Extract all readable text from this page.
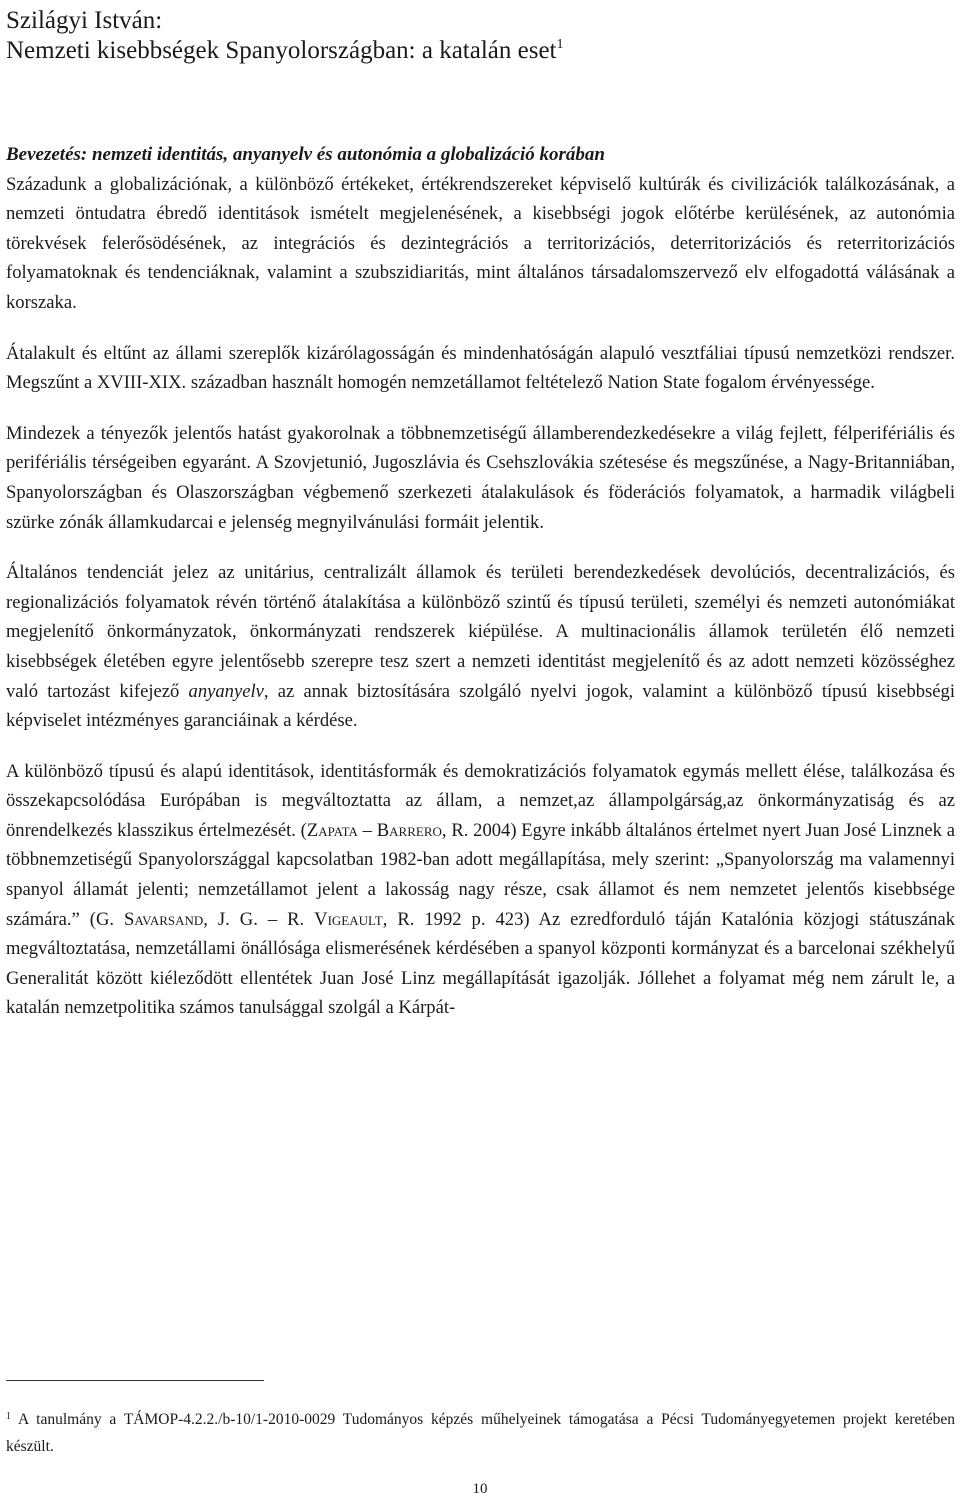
Szilágyi István:
Nemzeti kisebbségek Spanyolországban: a katalán eset$^1$

Bevezetés: nemzeti identitás, anyanyelv és autonómia a globalizáció korában

Századunk a globalizációnak, a különböző értékeket, értékrendszereket képviselő kultúrák és civilizációk találkozásának, a nemzeti öntudatra ébredő identitások ismételt megjelenésének, a kisebbségi jogok előtérbe kerülésének, az autonómia törekvések felerősödésének, az integrációs és dezintegrációs a territorizációs, deterritorizációs és reterritorizációs folyamatoknak és tendenciáknak, valamint a szubszidiaritás, mint általános társadalomszervező elv elfogadottá válásának a korszaka.

Átalakult és eltűnt az állami szereplők kizárólagosságán és mindenhatóságán alapuló vesztfáliai típusú nemzetközi rendszer. Megszűnt a XVIII-XIX. században használt homogén nemzetállamot feltételező Nation State fogalom érvényessége.

Mindezek a tényezők jelentős hatást gyakorolnak a többnemzetiségű államberendezkedésekre a világ fejlett, félperifériális és perifériális térségeiben egyaránt. A Szovjetunió, Jugoszlávia és Csehszlovákia szétesése és megszűnése, a Nagy-Britanniában, Spanyolországban és Olaszországban végbemenő szerkezeti átalakulások és föderációs folyamatok, a harmadik világbeli szürke zónák államkudarcai e jelenség megnyilvánulási formáit jelentik.

Általános tendenciát jelez az unitárius, centralizált államok és területi berendezkedések devolúciós, decentralizációs, és regionalizációs folyamatok révén történő átalakítása a különböző szintű és típusú területi, személyi és nemzeti autonómiákat megjelenítő önkormányzatok, önkormányzati rendszerek kiépülése. A multinacionális államok területén élő nemzeti kisebbségek életében egyre jelentősebb szerepre tesz szert a nemzeti identitást megjelenítő és az adott nemzeti közösséghez való tartozást kifejező anyanyelv, az annak biztosítására szolgáló nyelvi jogok, valamint a különböző típusú kisebbségi képviselet intézményes garanciáinak a kérdése.

A különböző típusú és alapú identitások, identitásformák és demokratizációs folyamatok egymás mellett élése, találkozása és összekapcsolódása Európában is megváltoztatta az állam, a nemzet,az állampolgárság,az önkormányzatiság és az önrendelkezés klasszikus értelmezését. (Zapata – Barrero, R. 2004) Egyre inkább általános értelmet nyert Juan José Linznek a többnemzetiségű Spanyolországgal kapcsolatban 1982-ban adott megállapítása, mely szerint: „Spanyolország ma valamennyi spanyol államát jelenti; nemzetállamot jelent a lakosság nagy része, csak államot és nem nemzetet jelentős kisebbsége számára.” (G. Savarsand, J. G. – R. Vigeault, R. 1992 p. 423) Az ezredforduló táján Katalónia közjogi státuszának megváltoztatása, nemzetállami önállósága elismerésének kérdésében a spanyol központi kormányzat és a barcelonai székhelyű Generalitát között kiéleződött ellentétek Juan José Linz megállapítását igazolják. Jóllehet a folyamat még nem zárult le, a katalán nemzetpolitika számos tanulsággal szolgál a Kárpát-

$^1$ A tanulmány a TÁMOP-4.2.2./b-10/1-2010-0029 Tudományos képzés műhelyeinek támogatása a Pécsi Tudományegyetemen projekt keretében készült.

10
